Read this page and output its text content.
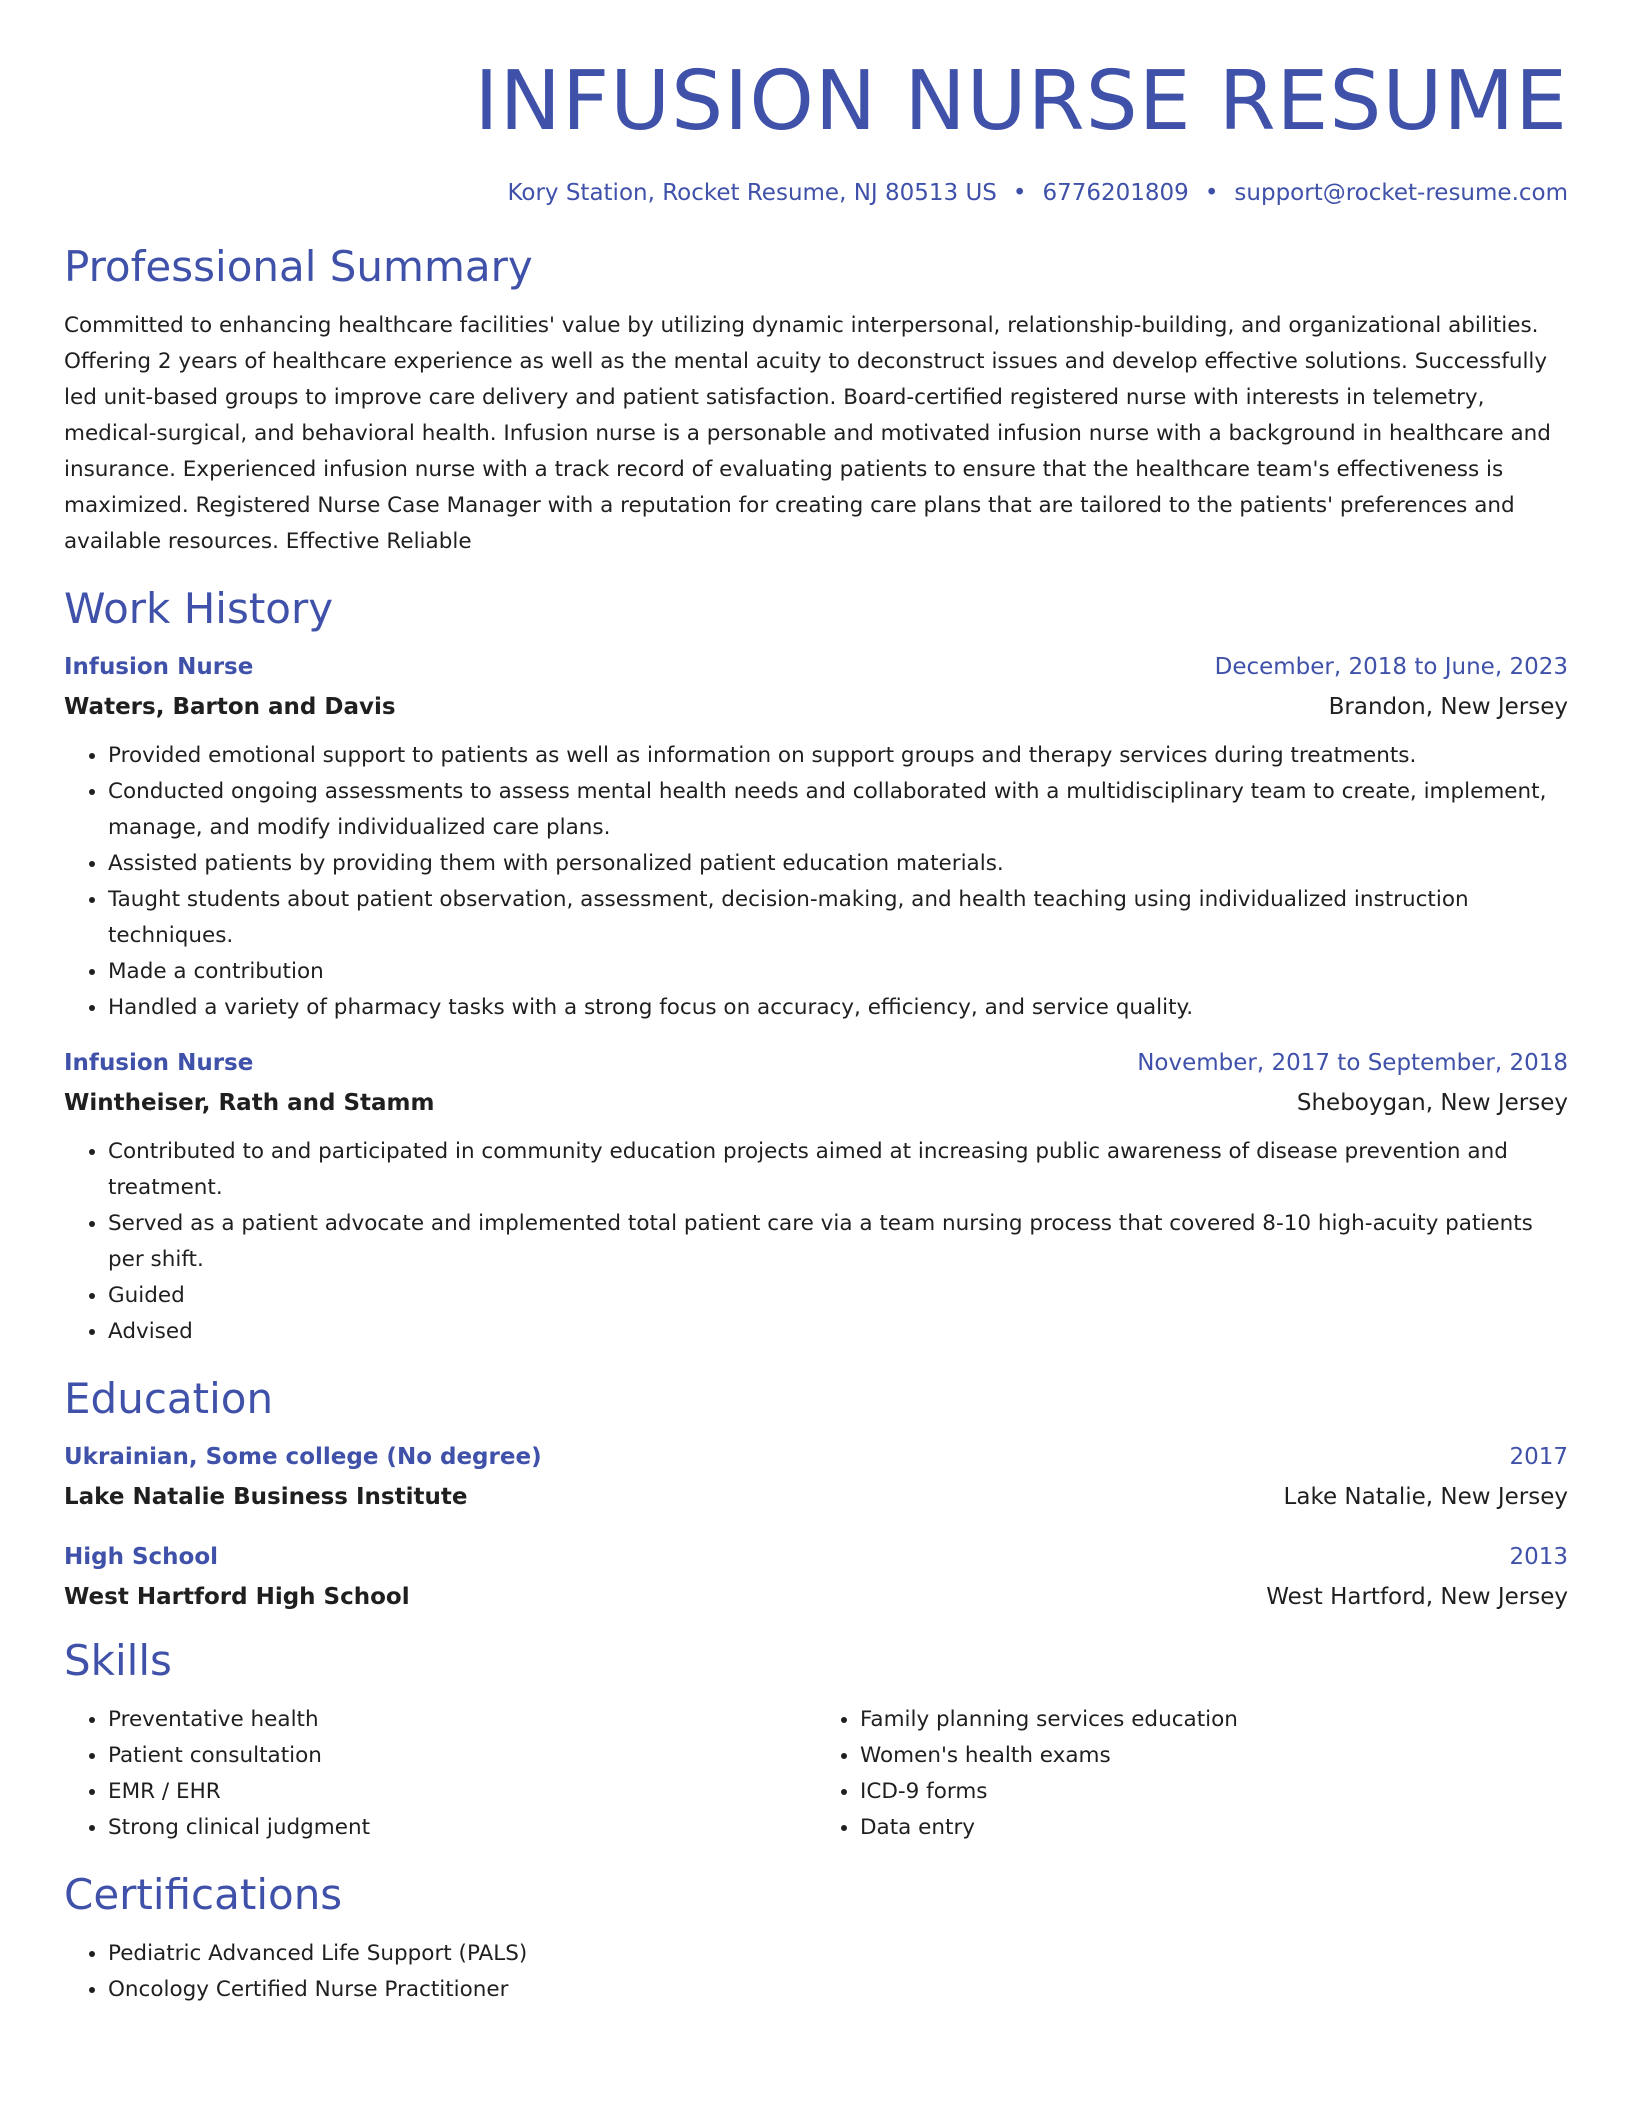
INFUSION NURSE RESUME
Kory Station, Rocket Resume, NJ 80513 US • 6776201809 • support@rocket-resume.com
Professional Summary

Committed to enhancing healthcare facilities' value by utilizing dynamic interpersonal, relationship-building, and organizational abilities. Offering 2 years of healthcare experience as well as the mental acuity to deconstruct issues and develop effective solutions. Successfully led unit-based groups to improve care delivery and patient satisfaction. Board-certified registered nurse with interests in telemetry, medical-surgical, and behavioral health. Infusion nurse is a personable and motivated infusion nurse with a background in healthcare and insurance. Experienced infusion nurse with a track record of evaluating patients to ensure that the healthcare team's effectiveness is maximized. Registered Nurse Case Manager with a reputation for creating care plans that are tailored to the patients' preferences and available resources. Effective Reliable

Work History
Infusion Nurse	December, 2018 to June, 2023
Waters, Barton and Davis	Brandon, New Jersey
• Provided emotional support to patients as well as information on support groups and therapy services during treatments.
• Conducted ongoing assessments to assess mental health needs and collaborated with a multidisciplinary team to create, implement, manage, and modify individualized care plans.
• Assisted patients by providing them with personalized patient education materials.
• Taught students about patient observation, assessment, decision-making, and health teaching using individualized instruction techniques.
• Made a contribution
• Handled a variety of pharmacy tasks with a strong focus on accuracy, efficiency, and service quality.
Infusion Nurse	November, 2017 to September, 2018
Wintheiser, Rath and Stamm	Sheboygan, New Jersey
• Contributed to and participated in community education projects aimed at increasing public awareness of disease prevention and treatment.
• Served as a patient advocate and implemented total patient care via a team nursing process that covered 8-10 high-acuity patients per shift.
• Guided
• Advised
Education
Ukrainian, Some college (No degree)	2017
Lake Natalie Business Institute	Lake Natalie, New Jersey
High School	2013
West Hartford High School	West Hartford, New Jersey
Skills
• Preventative health
• Patient consultation
• EMR / EHR
• Strong clinical judgment
• Family planning services education
• Women's health exams
• ICD-9 forms
• Data entry
Certifications
• Pediatric Advanced Life Support (PALS)
• Oncology Certified Nurse Practitioner
